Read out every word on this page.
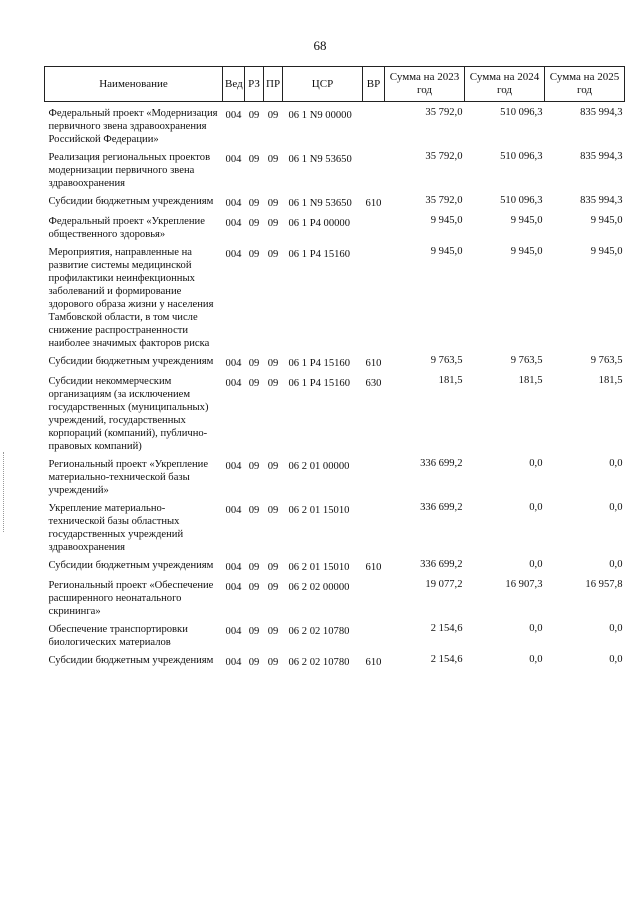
68
Наименование	Вед	РЗ	ПР	ЦСР	ВР	Сумма на 2023 год	Сумма на 2024 год	Сумма на 2025 год
Федеральный проект «Модернизация первичного звена здравоохранения Российской Федерации»	004	09	09	06 1 N9 00000		35 792,0	510 096,3	835 994,3
Реализация региональных проектов модернизации первичного звена здравоохранения	004	09	09	06 1 N9 53650		35 792,0	510 096,3	835 994,3
Субсидии бюджетным учреждениям	004	09	09	06 1 N9 53650	610	35 792,0	510 096,3	835 994,3
Федеральный проект «Укрепление общественного здоровья»	004	09	09	06 1 Р4 00000		9 945,0	9 945,0	9 945,0
Мероприятия, направленные на развитие системы медицинской профилактики неинфекционных заболеваний и формирование здорового образа жизни у населения Тамбовской области, в том числе снижение распространенности наиболее значимых факторов риска	004	09	09	06 1 Р4 15160		9 945,0	9 945,0	9 945,0
Субсидии бюджетным учреждениям	004	09	09	06 1 Р4 15160	610	9 763,5	9 763,5	9 763,5
Субсидии некоммерческим организациям (за исключением государственных (муниципальных) учреждений, государственных корпораций (компаний), публично-правовых компаний)	004	09	09	06 1 Р4 15160	630	181,5	181,5	181,5
Региональный проект «Укрепление материально-технической базы учреждений»	004	09	09	06 2 01 00000		336 699,2	0,0	0,0
Укрепление материально-технической базы областных государственных учреждений здравоохранения	004	09	09	06 2 01 15010		336 699,2	0,0	0,0
Субсидии бюджетным учреждениям	004	09	09	06 2 01 15010	610	336 699,2	0,0	0,0
Региональный проект «Обеспечение расширенного неонатального скрининга»	004	09	09	06 2 02 00000		19 077,2	16 907,3	16 957,8
Обеспечение транспортировки биологических материалов	004	09	09	06 2 02 10780		2 154,6	0,0	0,0
Субсидии бюджетным учреждениям	004	09	09	06 2 02 10780	610	2 154,6	0,0	0,0
